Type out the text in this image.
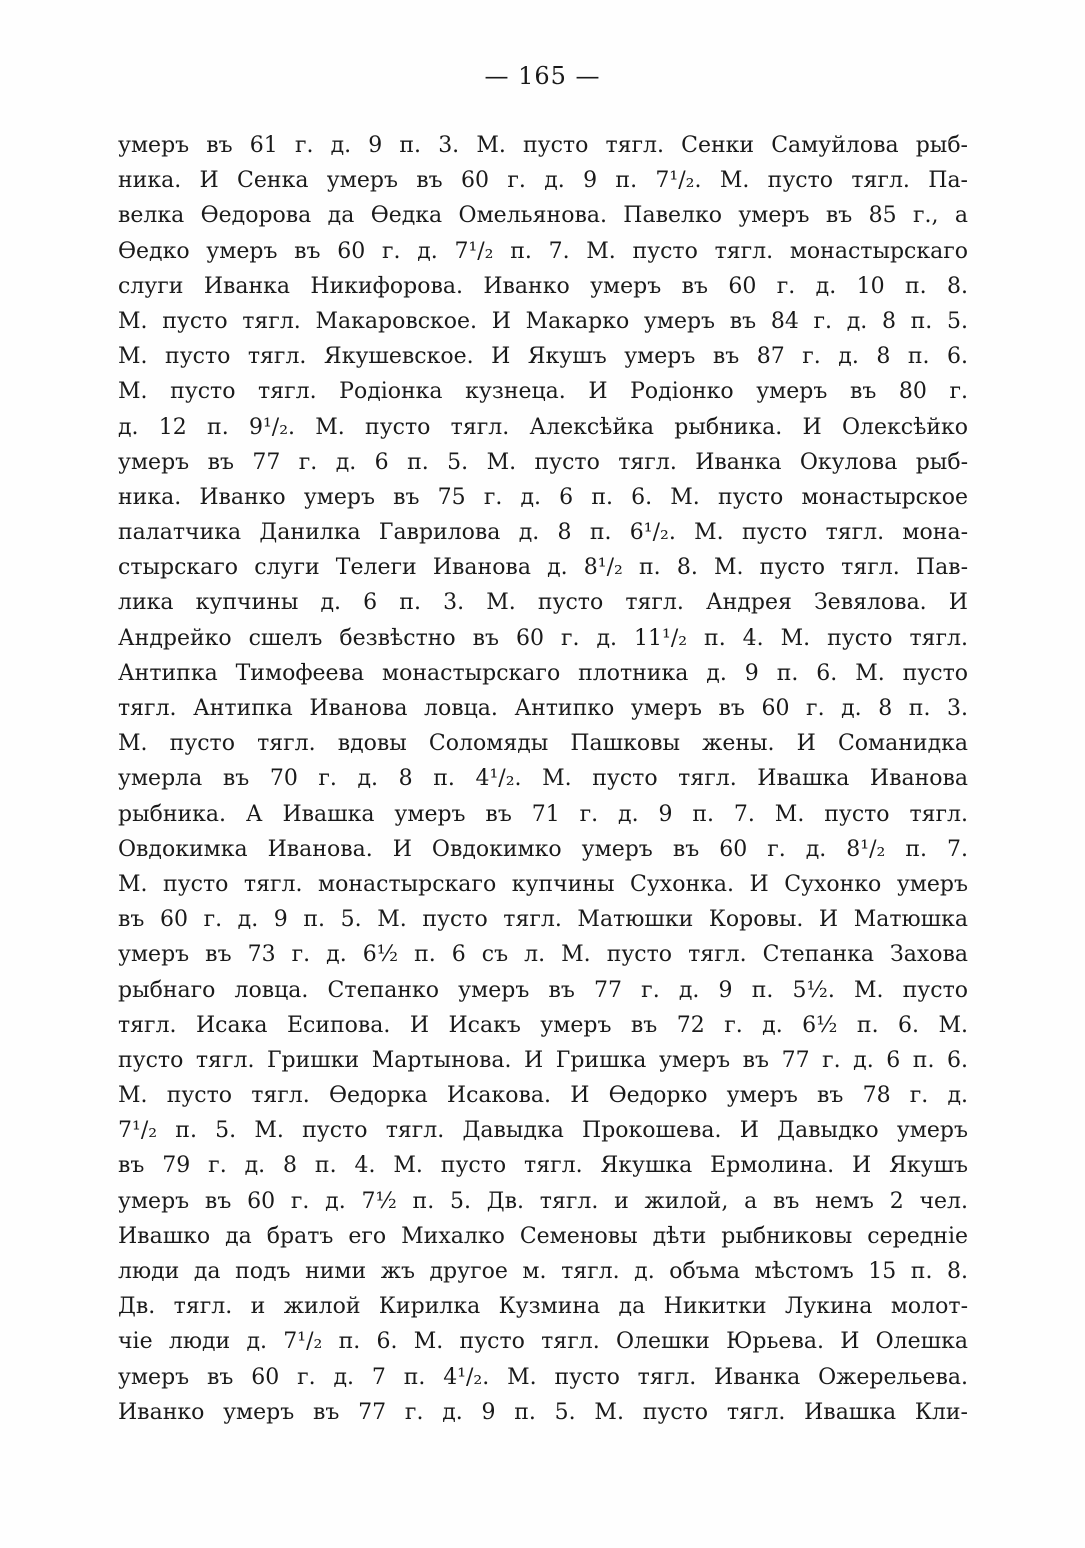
— 165 —
умеръ въ 61 г. д. 9 п. 3. М. пусто тягл. Сенки Самуйлова рыб-
ника. И Сенка умеръ въ 60 г. д. 9 п. 7¹/₂. М. пусто тягл. Па-
велка Өедорова да Өедка Омельянова. Павелко умеръ въ 85 г., а
Өедко умеръ въ 60 г. д. 7¹/₂ п. 7. М. пусто тягл. монастырскаго
слуги Иванка Никифорова. Иванко умеръ въ 60 г. д. 10 п. 8.
М. пусто тягл. Макаровское. И Макарко умеръ въ 84 г. д. 8 п. 5.
М. пусто тягл. Якушевское. И Якушъ умеръ въ 87 г. д. 8 п. 6.
М. пусто тягл. Родіонка кузнеца. И Родіонко умеръ въ 80 г.
д. 12 п. 9¹/₂. М. пусто тягл. Алексѣйка рыбника. И Олексѣйко
умеръ въ 77 г. д. 6 п. 5. М. пусто тягл. Иванка Окулова рыб-
ника. Иванко умеръ въ 75 г. д. 6 п. 6. М. пусто монастырское
палатчика Данилка Гаврилова д. 8 п. 6¹/₂. М. пусто тягл. мона-
стырскаго слуги Телеги Иванова д. 8¹/₂ п. 8. М. пусто тягл. Пав-
лика купчины д. 6 п. 3. М. пусто тягл. Андрея Зевялова. И
Андрейко сшелъ безвѣстно въ 60 г. д. 11¹/₂ п. 4. М. пусто тягл.
Антипка Тимофеева монастырскаго плотника д. 9 п. 6. М. пусто
тягл. Антипка Иванова ловца. Антипко умеръ въ 60 г. д. 8 п. 3.
М. пусто тягл. вдовы Соломяды Пашковы жены. И Соманидка
умерла въ 70 г. д. 8 п. 4¹/₂. М. пусто тягл. Ивашка Иванова
рыбника. А Ивашка умеръ въ 71 г. д. 9 п. 7. М. пусто тягл.
Овдокимка Иванова. И Овдокимко умеръ въ 60 г. д. 8¹/₂ п. 7.
М. пусто тягл. монастырскаго купчины Сухонка. И Сухонко умеръ
въ 60 г. д. 9 п. 5. М. пусто тягл. Матюшки Коровы. И Матюшка
умеръ въ 73 г. д. 6½ п. 6 съ л. М. пусто тягл. Степанка Захова
рыбнаго ловца. Степанко умеръ въ 77 г. д. 9 п. 5½. М. пусто
тягл. Исака Есипова. И Исакъ умеръ въ 72 г. д. 6½ п. 6. М.
пусто тягл. Гришки Мартынова. И Гришка умеръ въ 77 г. д. 6 п. 6.
М. пусто тягл. Өедорка Исакова. И Өедорко умеръ въ 78 г. д.
7¹/₂ п. 5. М. пусто тягл. Давыдка Прокошева. И Давыдко умеръ
въ 79 г. д. 8 п. 4. М. пусто тягл. Якушка Ермолина. И Якушъ
умеръ въ 60 г. д. 7½ п. 5. Дв. тягл. и жилой, а въ немъ 2 чел.
Ивашко да братъ его Михалко Семеновы дѣти рыбниковы середніе
люди да подъ ними жъ другое м. тягл. д. объма мѣстомъ 15 п. 8.
Дв. тягл. и жилой Кирилка Кузмина да Никитки Лукина молот-
чіе люди д. 7¹/₂ п. 6. М. пусто тягл. Олешки Юрьева. И Олешка
умеръ въ 60 г. д. 7 п. 4¹/₂. М. пусто тягл. Иванка Ожерельева.
Иванко умеръ въ 77 г. д. 9 п. 5. М. пусто тягл. Ивашка Кли-
